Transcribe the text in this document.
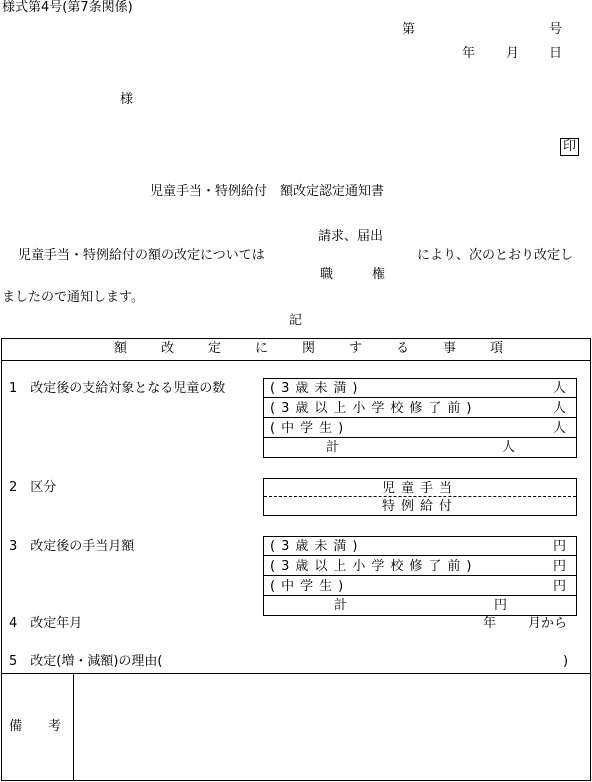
様式第4号(第7条関係)
第	号
年 月 日
様
印
児童手当・特例給付　額改定認定通知書
請求、届出
児童手当・特例給付の額の改定については	により、次のとおり改定し
職　　　権
ましたので通知します。
記
額改定に関する事項
1　改定後の支給対象となる児童の数	(3歳未満)	人
(3歳以上小学校修了前)	人
(中学生)	人
計	人
2　区分	児童手当
特例給付
3　改定後の手当月額	(3歳未満)	円
(3歳以上小学校修了前)	円
(中学生)	円
計	円
4　改定年月	年 月から
5　改定(増・減額)の理由(	)
備　　考
